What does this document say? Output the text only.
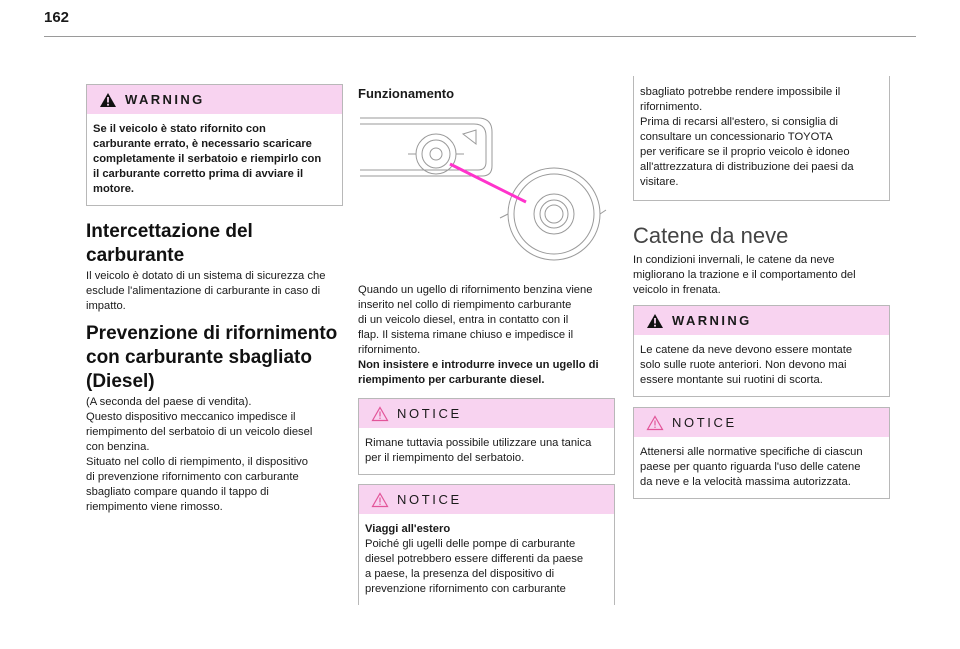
162
WARNING
Se il veicolo è stato rifornito con
carburante errato, è necessario scaricare
completamente il serbatoio e riempirlo con
il carburante corretto prima di avviare il
motore.
Intercettazione del
carburante
Il veicolo è dotato di un sistema di sicurezza che
esclude l'alimentazione di carburante in caso di
impatto.
Prevenzione di rifornimento
con carburante sbagliato
(Diesel)
(A seconda del paese di vendita).
Questo dispositivo meccanico impedisce il
riempimento del serbatoio di un veicolo diesel
con benzina.
Situato nel collo di riempimento, il dispositivo
di prevenzione rifornimento con carburante
sbagliato compare quando il tappo di
riempimento viene rimosso.
Funzionamento
Quando un ugello di rifornimento benzina viene
inserito nel collo di riempimento carburante
di un veicolo diesel, entra in contatto con il
flap. Il sistema rimane chiuso e impedisce il
rifornimento.
Non insistere e introdurre invece un ugello di
riempimento per carburante diesel.
NOTICE
Rimane tuttavia possibile utilizzare una tanica
per il riempimento del serbatoio.
NOTICE
Viaggi all'estero
Poiché gli ugelli delle pompe di carburante
diesel potrebbero essere differenti da paese
a paese, la presenza del dispositivo di
prevenzione rifornimento con carburante
sbagliato potrebbe rendere impossibile il
rifornimento.
Prima di recarsi all'estero, si consiglia di
consultare un concessionario TOYOTA
per verificare se il proprio veicolo è idoneo
all'attrezzatura di distribuzione dei paesi da
visitare.
Catene da neve
In condizioni invernali, le catene da neve
migliorano la trazione e il comportamento del
veicolo in frenata.
WARNING
Le catene da neve devono essere montate
solo sulle ruote anteriori. Non devono mai
essere montante sui ruotini di scorta.
NOTICE
Attenersi alle normative specifiche di ciascun
paese per quanto riguarda l'uso delle catene
da neve e la velocità massima autorizzata.
